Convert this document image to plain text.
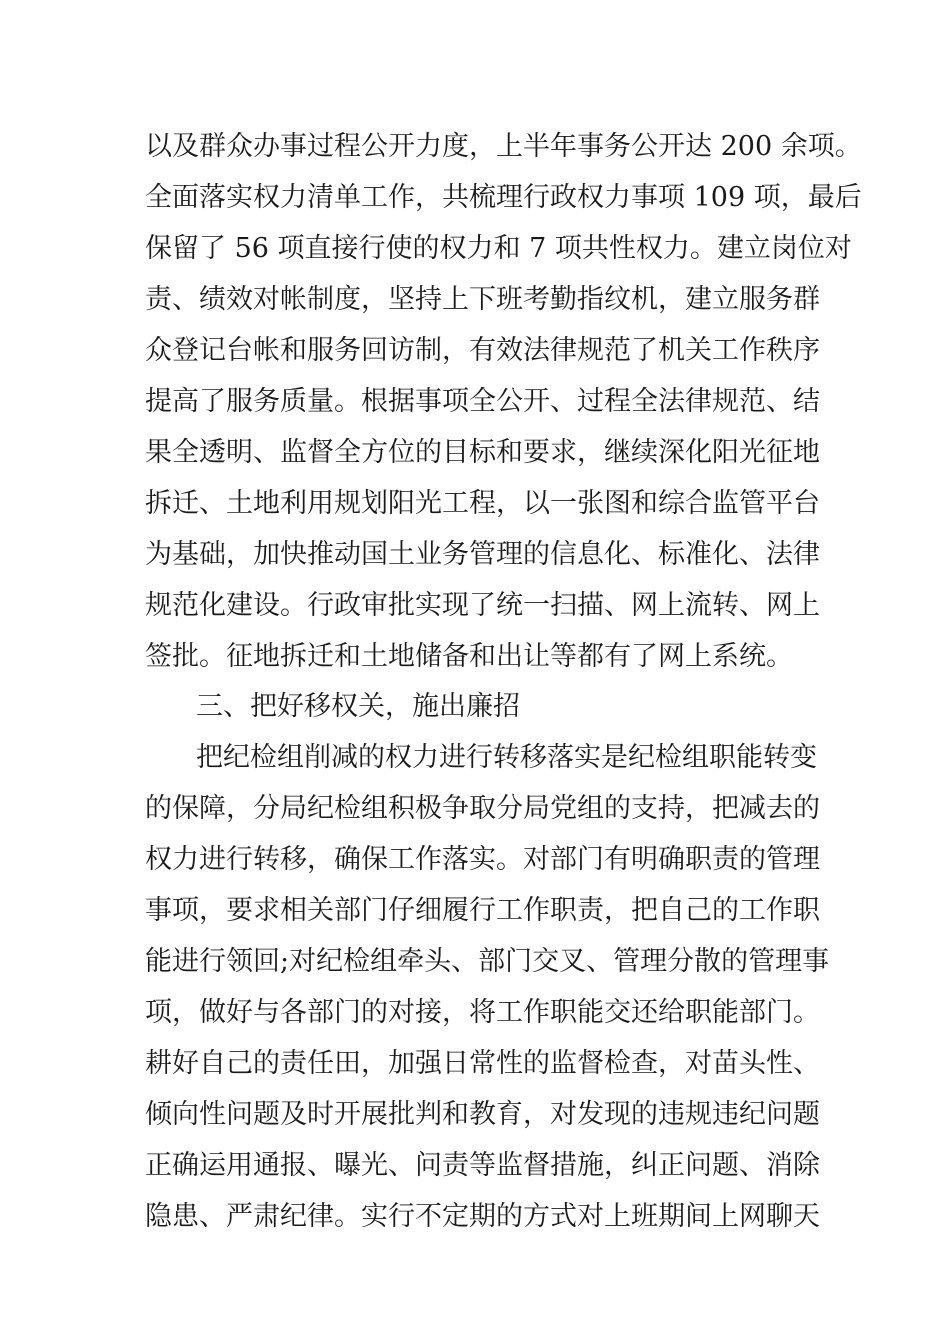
以及群众办事过程公开力度，上半年事务公开达 200 余项。
全面落实权力清单工作，共梳理行政权力事项 109 项，最后
保留了 56 项直接行使的权力和 7 项共性权力。建立岗位对
责、绩效对帐制度，坚持上下班考勤指纹机，建立服务群
众登记台帐和服务回访制，有效法律规范了机关工作秩序
提高了服务质量。根据事项全公开、过程全法律规范、结
果全透明、监督全方位的目标和要求，继续深化阳光征地
拆迁、土地利用规划阳光工程，以一张图和综合监管平台
为基础，加快推动国土业务管理的信息化、标准化、法律
规范化建设。行政审批实现了统一扫描、网上流转、网上
签批。征地拆迁和土地储备和出让等都有了网上系统。
三、把好移权关，施出廉招
把纪检组削减的权力进行转移落实是纪检组职能转变
的保障，分局纪检组积极争取分局党组的支持，把减去的
权力进行转移，确保工作落实。对部门有明确职责的管理
事项，要求相关部门仔细履行工作职责，把自己的工作职
能进行领回;对纪检组牵头、部门交叉、管理分散的管理事
项，做好与各部门的对接，将工作职能交还给职能部门。
耕好自己的责任田，加强日常性的监督检查，对苗头性、
倾向性问题及时开展批判和教育，对发现的违规违纪问题
正确运用通报、曝光、问责等监督措施，纠正问题、消除
隐患、严肃纪律。实行不定期的方式对上班期间上网聊天
